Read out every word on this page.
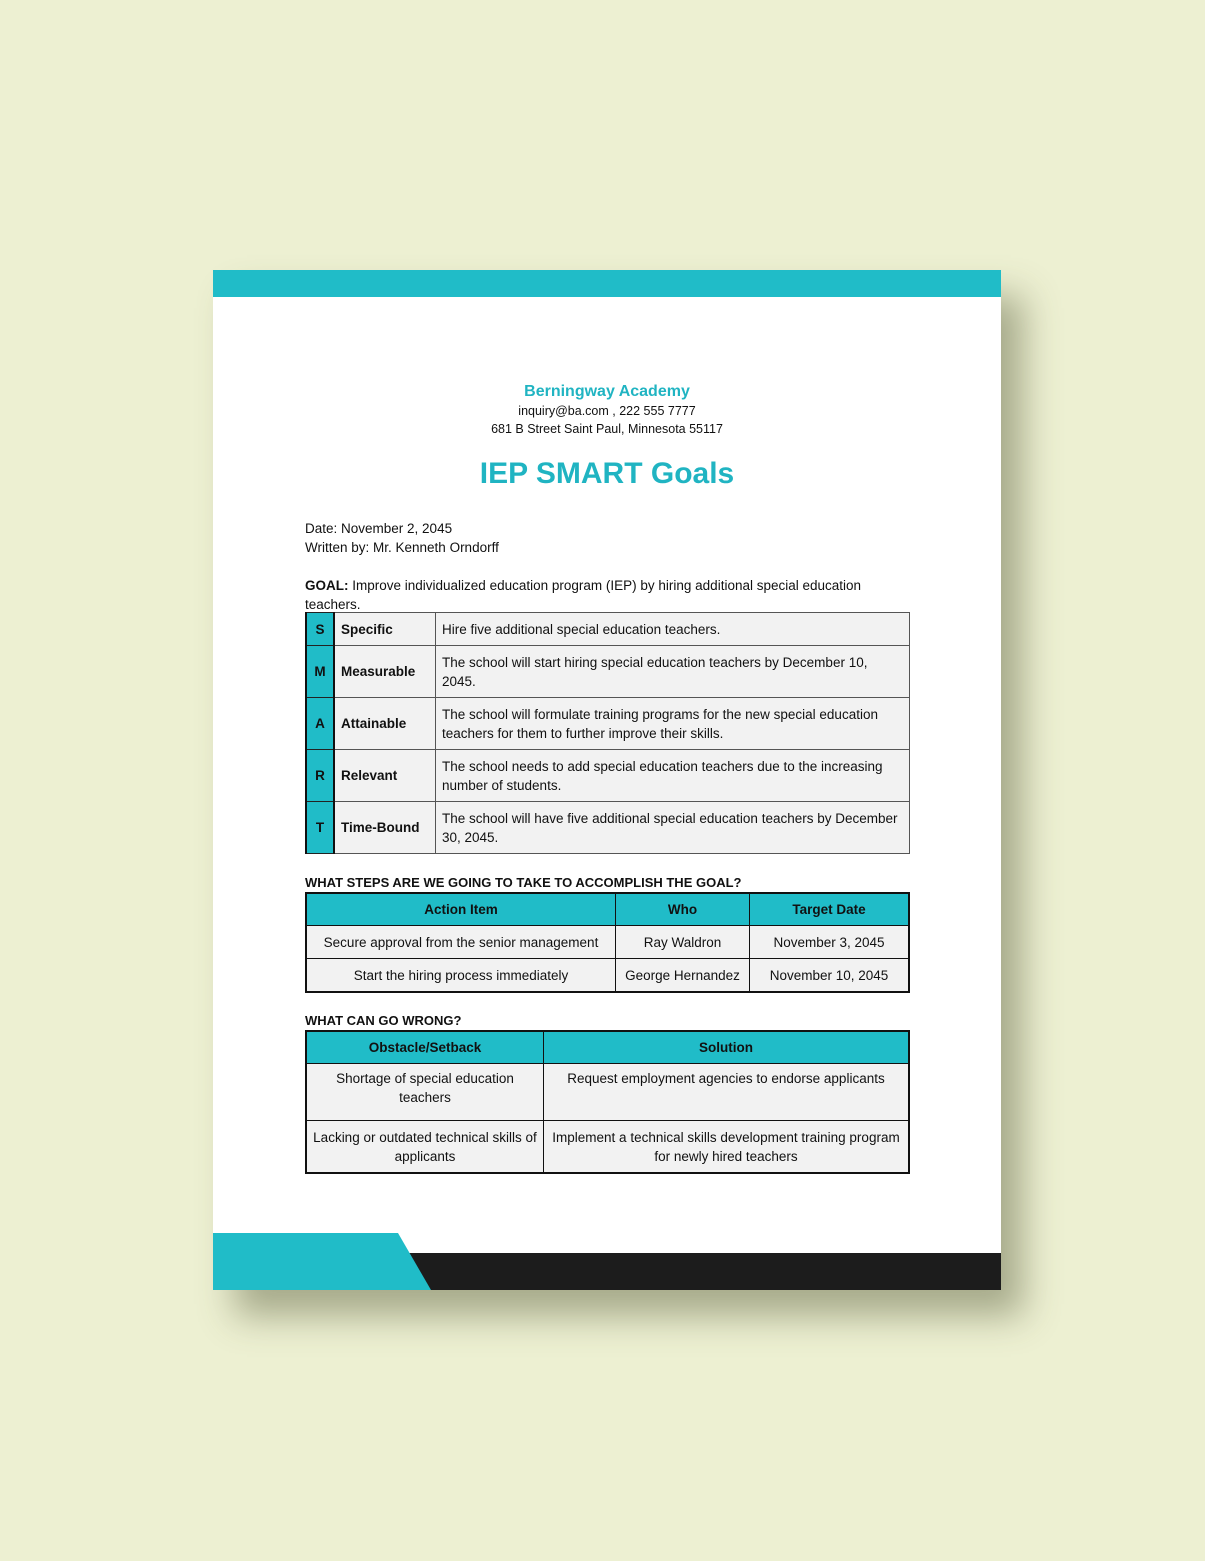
Berningway Academy
inquiry@ba.com , 222 555 7777
681 B Street Saint Paul, Minnesota 55117
IEP SMART Goals
Date: November 2, 2045
Written by: Mr. Kenneth Orndorff
GOAL: Improve individualized education program (IEP) by hiring additional special education teachers.
S	Specific	Hire five additional special education teachers.
M	Measurable	The school will start hiring special education teachers by December 10, 2045.
A	Attainable	The school will formulate training programs for the new special education teachers for them to further improve their skills.
R	Relevant	The school needs to add special education teachers due to the increasing number of students.
T	Time-Bound	The school will have five additional special education teachers by December 30, 2045.
WHAT STEPS ARE WE GOING TO TAKE TO ACCOMPLISH THE GOAL?
Action Item	Who	Target Date
Secure approval from the senior management	Ray Waldron	November 3, 2045
Start the hiring process immediately	George Hernandez	November 10, 2045
WHAT CAN GO WRONG?
Obstacle/Setback	Solution
Shortage of special education teachers	Request employment agencies to endorse applicants
Lacking or outdated technical skills of applicants	Implement a technical skills development training program for newly hired teachers
